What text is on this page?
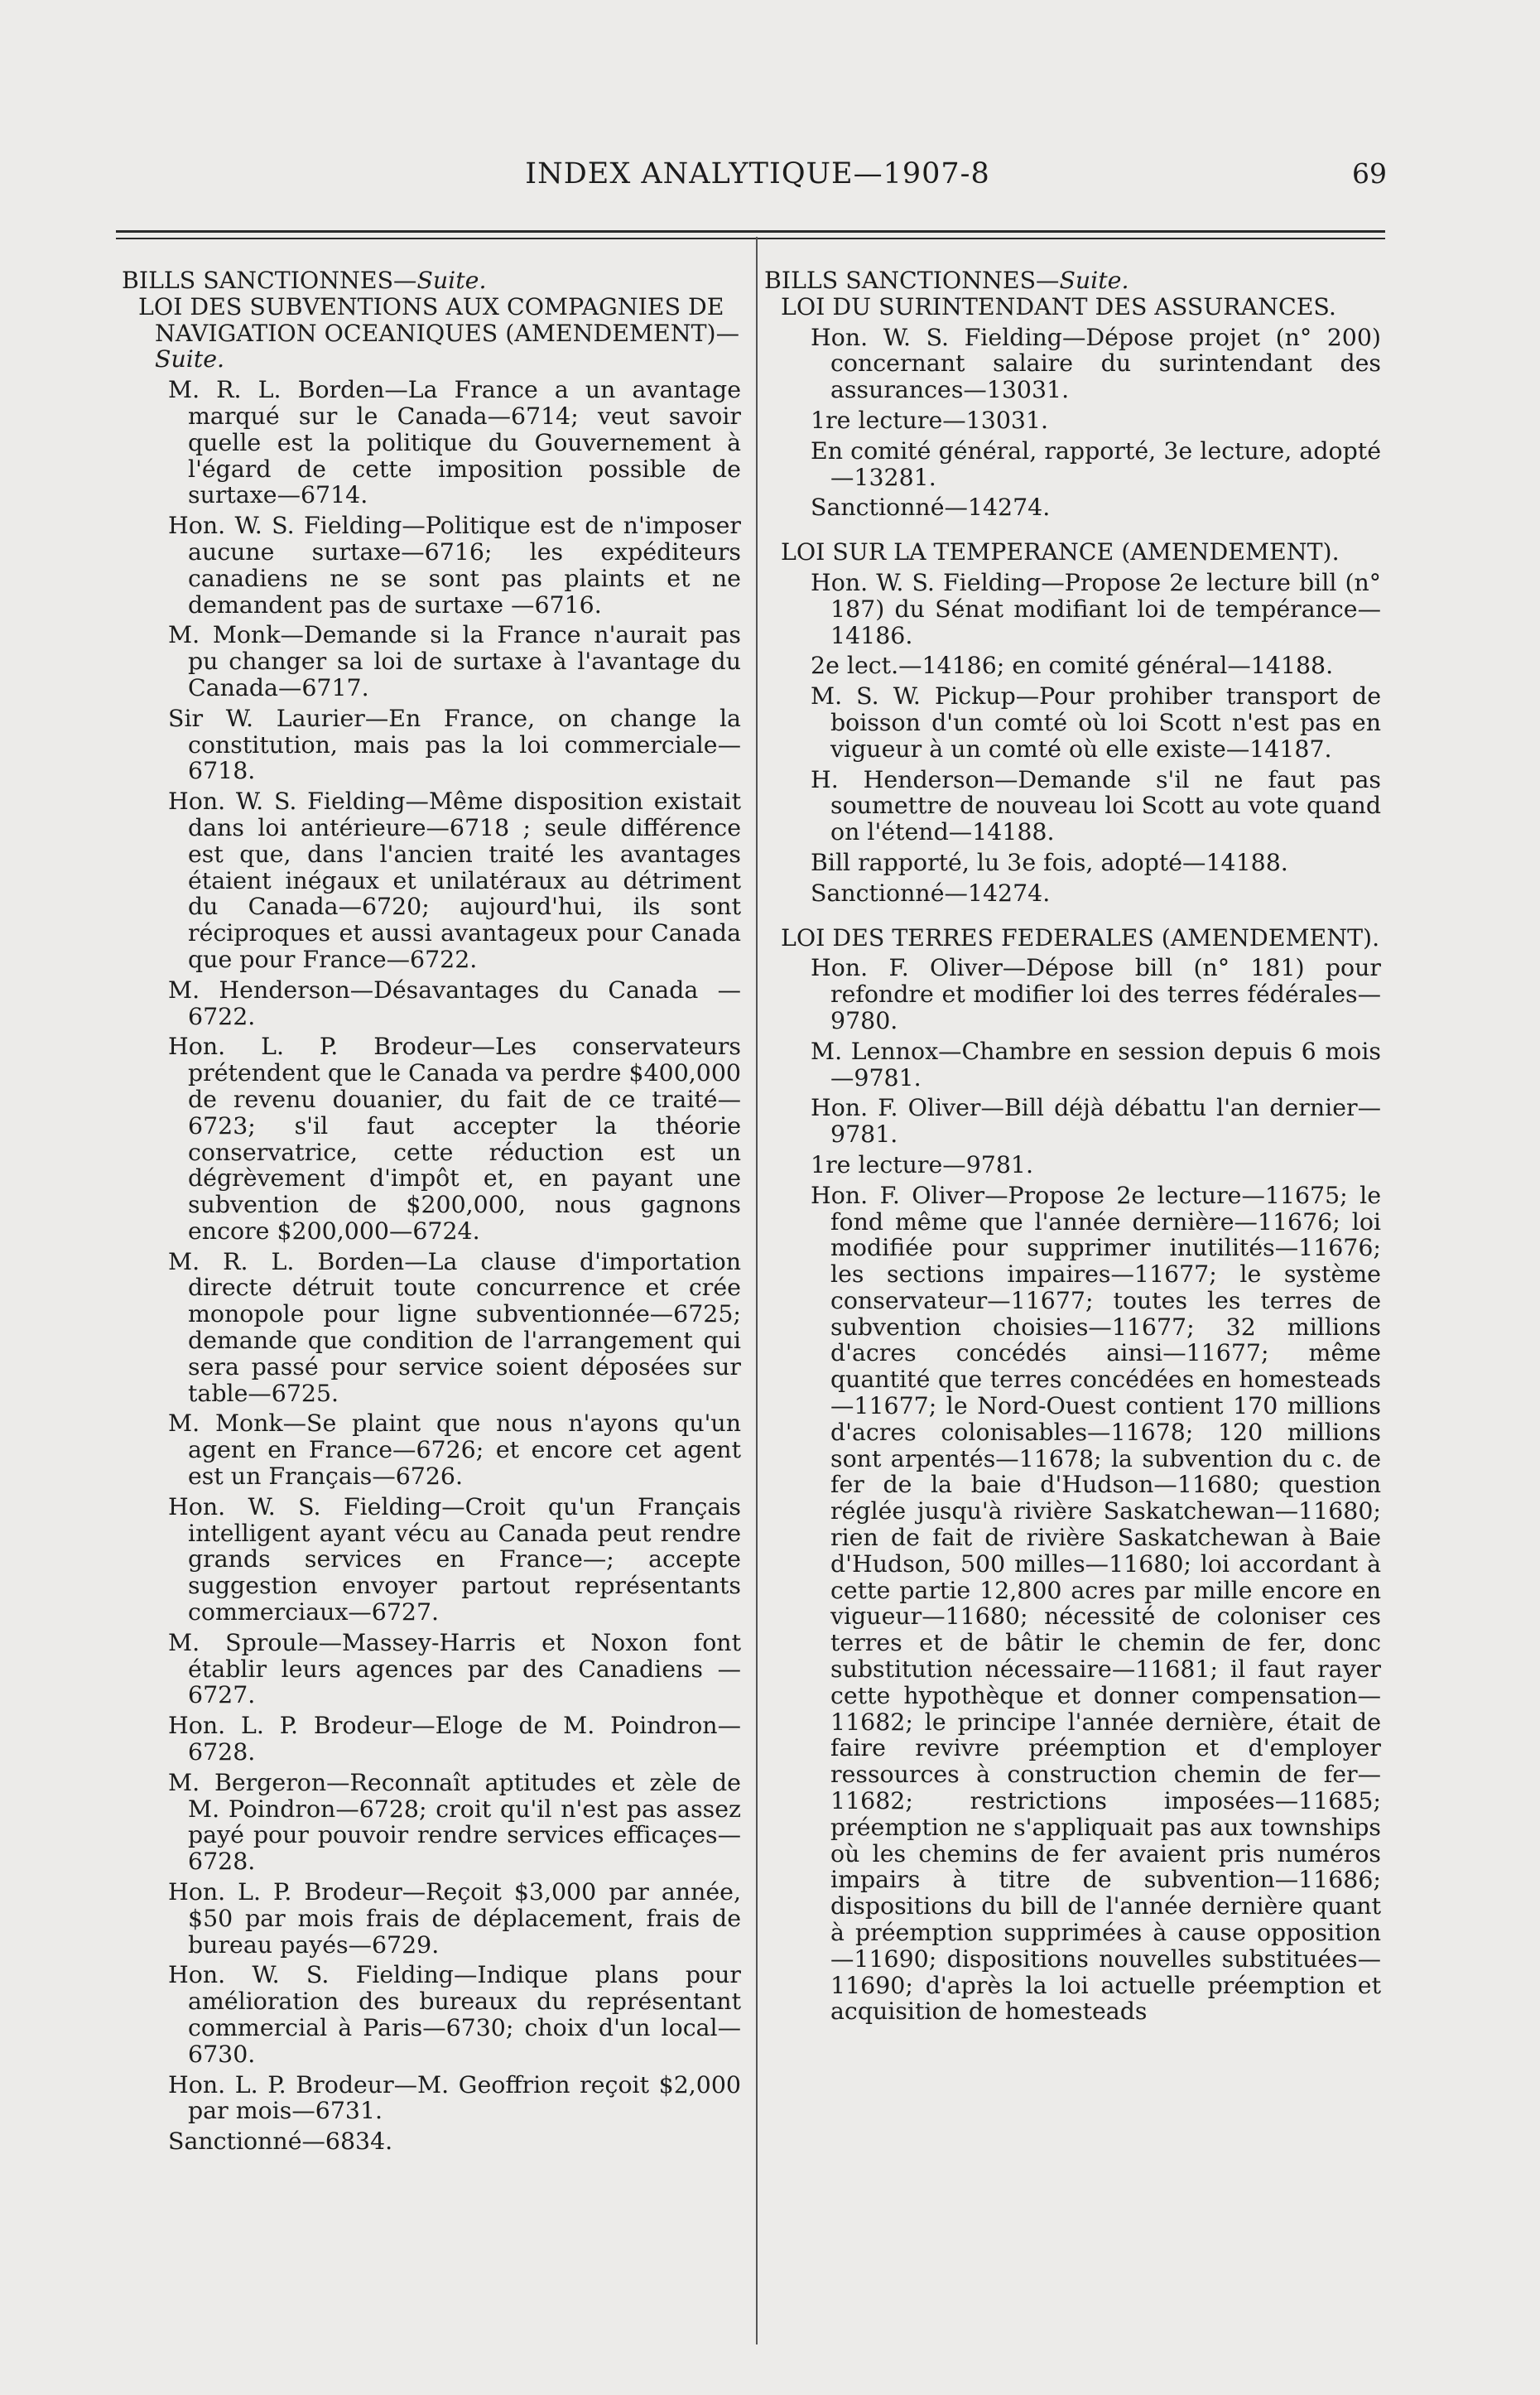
INDEX ANALYTIQUE—1907-8	69
BILLS SANCTIONNES—Suite.
LOI DES SUBVENTIONS AUX COMPAGNIES DE NAVIGATION OCEANIQUES (AMENDEMENT)—Suite.
M. R. L. Borden—La France a un avantage marqué sur le Canada—6714; veut savoir quelle est la politique du Gouvernement à l'égard de cette imposition possible de surtaxe—6714.
Hon. W. S. Fielding—Politique est de n'imposer aucune surtaxe—6716; les expéditeurs canadiens ne se sont pas plaints et ne demandent pas de surtaxe —6716.
M. Monk—Demande si la France n'aurait pas pu changer sa loi de surtaxe à l'avantage du Canada—6717.
Sir W. Laurier—En France, on change la constitution, mais pas la loi commerciale—6718.
Hon. W. S. Fielding—Même disposition existait dans loi antérieure—6718 ; seule différence est que, dans l'ancien traité les avantages étaient inégaux et unilatéraux au détriment du Canada—6720; aujourd'hui, ils sont réciproques et aussi avantageux pour Canada que pour France—6722.
M. Henderson—Désavantages du Canada —6722.
Hon. L. P. Brodeur—Les conservateurs prétendent que le Canada va perdre $400,000 de revenu douanier, du fait de ce traité—6723; s'il faut accepter la théorie conservatrice, cette réduction est un dégrèvement d'impôt et, en payant une subvention de $200,000, nous gagnons encore $200,000—6724.
M. R. L. Borden—La clause d'importation directe détruit toute concurrence et crée monopole pour ligne subventionnée—6725; demande que condition de l'arrangement qui sera passé pour service soient déposées sur table—6725.
M. Monk—Se plaint que nous n'ayons qu'un agent en France—6726; et encore cet agent est un Français—6726.
Hon. W. S. Fielding—Croit qu'un Français intelligent ayant vécu au Canada peut rendre grands services en France—; accepte suggestion envoyer partout représentants commerciaux—6727.
M. Sproule—Massey-Harris et Noxon font établir leurs agences par des Canadiens —6727.
Hon. L. P. Brodeur—Eloge de M. Poindron—6728.
M. Bergeron—Reconnaît aptitudes et zèle de M. Poindron—6728; croit qu'il n'est pas assez payé pour pouvoir rendre services efficaçes—6728.
Hon. L. P. Brodeur—Reçoit $3,000 par année, $50 par mois frais de déplacement, frais de bureau payés—6729.
Hon. W. S. Fielding—Indique plans pour amélioration des bureaux du représentant commercial à Paris—6730; choix d'un local—6730.
Hon. L. P. Brodeur—M. Geoffrion reçoit $2,000 par mois—6731.
Sanctionné—6834.
BILLS SANCTIONNES—Suite.
LOI DU SURINTENDANT DES ASSURANCES.
Hon. W. S. Fielding—Dépose projet (n° 200) concernant salaire du surintendant des assurances—13031.
1re lecture—13031.
En comité général, rapporté, 3e lecture, adopté—13281.
Sanctionné—14274.
LOI SUR LA TEMPERANCE (AMENDEMENT).
Hon. W. S. Fielding—Propose 2e lecture bill (n° 187) du Sénat modifiant loi de tempérance—14186.
2e lect.—14186; en comité général—14188.
M. S. W. Pickup—Pour prohiber transport de boisson d'un comté où loi Scott n'est pas en vigueur à un comté où elle existe—14187.
H. Henderson—Demande s'il ne faut pas soumettre de nouveau loi Scott au vote quand on l'étend—14188.
Bill rapporté, lu 3e fois, adopté—14188.
Sanctionné—14274.
LOI DES TERRES FEDERALES (AMENDEMENT).
Hon. F. Oliver—Dépose bill (n° 181) pour refondre et modifier loi des terres fédérales—9780.
M. Lennox—Chambre en session depuis 6 mois—9781.
Hon. F. Oliver—Bill déjà débattu l'an dernier—9781.
1re lecture—9781.
Hon. F. Oliver—Propose 2e lecture—11675; le fond même que l'année dernière—11676; loi modifiée pour supprimer inutilités—11676; les sections impaires—11677; le système conservateur—11677; toutes les terres de subvention choisies—11677; 32 millions d'acres concédés ainsi—11677; même quantité que terres concédées en homesteads—11677; le Nord-Ouest contient 170 millions d'acres colonisables—11678; 120 millions sont arpentés—11678; la subvention du c. de fer de la baie d'Hudson—11680; question réglée jusqu'à rivière Saskatchewan—11680; rien de fait de rivière Saskatchewan à Baie d'Hudson, 500 milles—11680; loi accordant à cette partie 12,800 acres par mille encore en vigueur—11680; nécessité de coloniser ces terres et de bâtir le chemin de fer, donc substitution nécessaire—11681; il faut rayer cette hypothèque et donner compensation—11682; le principe l'année dernière, était de faire revivre préemption et d'employer ressources à construction chemin de fer—11682; restrictions imposées—11685; préemption ne s'appliquait pas aux townships où les chemins de fer avaient pris numéros impairs à titre de subvention—11686; dispositions du bill de l'année dernière quant à préemption supprimées à cause opposition—11690; dispositions nouvelles substituées—11690; d'après la loi actuelle préemption et acquisition de homesteads
